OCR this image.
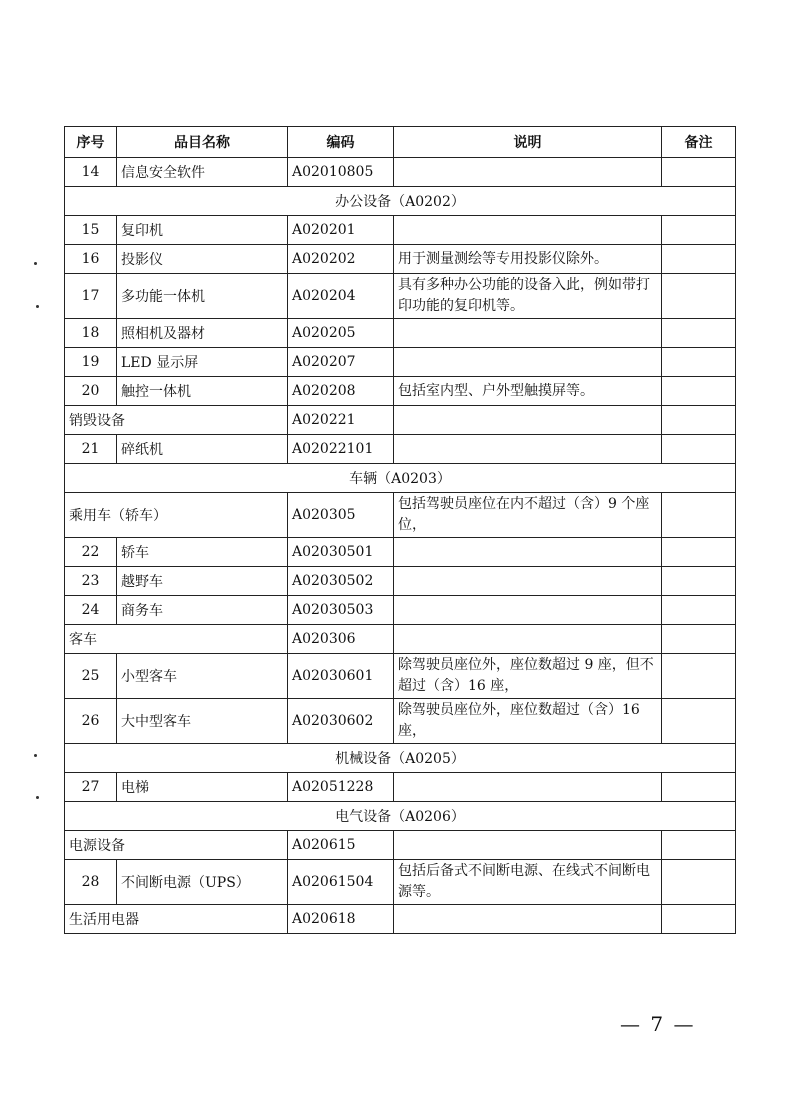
序号	品目名称	编码	说明	备注
14	信息安全软件	A02010805		
办公设备（A0202）				
15	复印机	A020201		
16	投影仪	A020202	用于测量测绘等专用投影仪除外。	
17	多功能一体机	A020204	具有多种办公功能的设备入此，例如带打印功能的复印机等。	
18	照相机及器材	A020205		
19	LED 显示屏	A020207		
20	触控一体机	A020208	包括室内型、户外型触摸屏等。	
销毁设备		A020221		
21	碎纸机	A02022101		
车辆（A0203）				
乘用车（轿车）		A020305	包括驾驶员座位在内不超过（含）9 个座位，	
22	轿车	A02030501		
23	越野车	A02030502		
24	商务车	A02030503		
客车		A020306		
25	小型客车	A02030601	除驾驶员座位外，座位数超过 9 座，但不超过（含）16 座，	
26	大中型客车	A02030602	除驾驶员座位外，座位数超过（含）16 座，	
机械设备（A0205）				
27	电梯	A02051228		
电气设备（A0206）				
电源设备		A020615		
28	不间断电源（UPS）	A02061504	包括后备式不间断电源、在线式不间断电源等。	
生活用电器		A020618		
— 7 —
